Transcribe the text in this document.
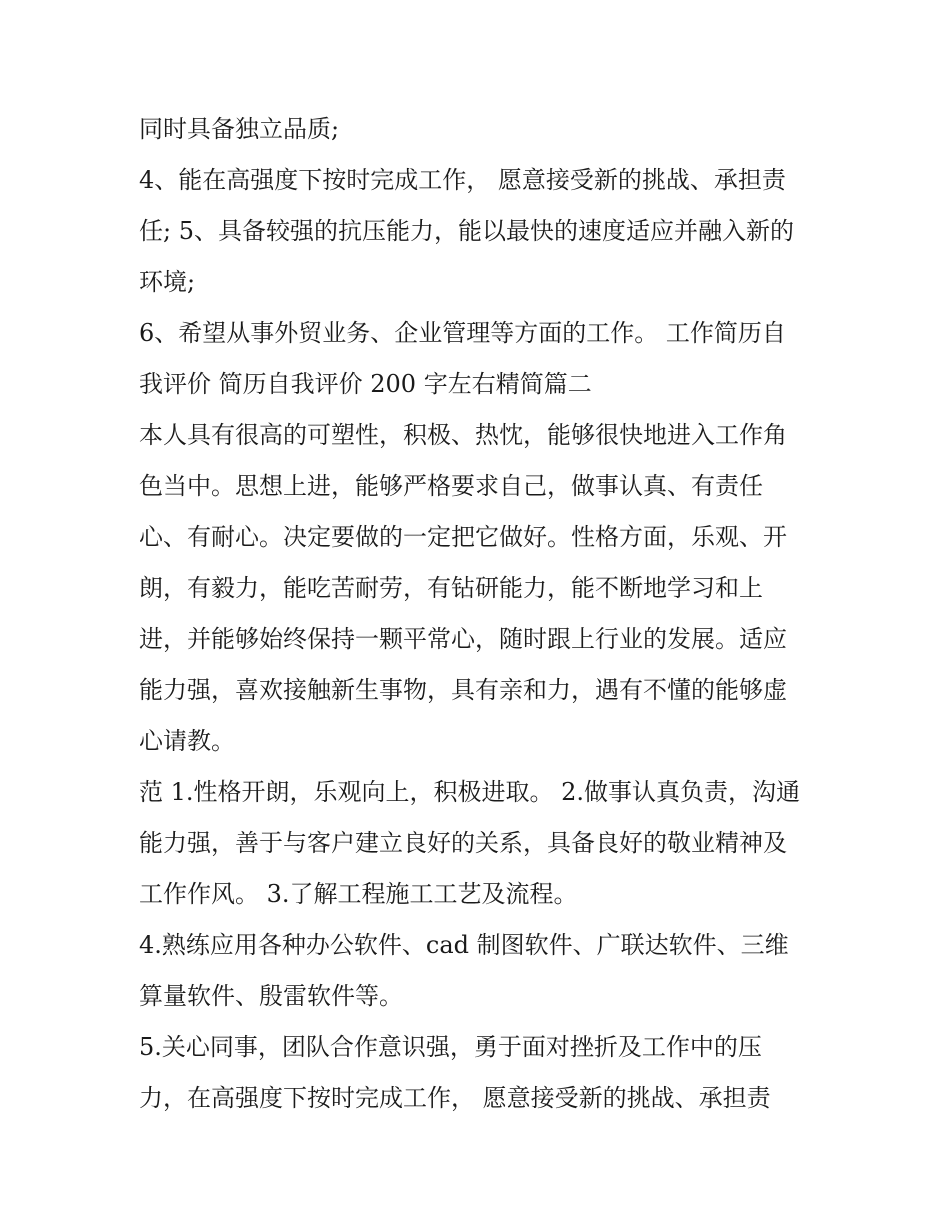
同时具备独立品质;
4、能在高强度下按时完成工作， 愿意接受新的挑战、承担责
任; 5、具备较强的抗压能力，能以最快的速度适应并融入新的
环境;
6、希望从事外贸业务、企业管理等方面的工作。 工作简历自
我评价 简历自我评价 200 字左右精简篇二
本人具有很高的可塑性，积极、热忱，能够很快地进入工作角
色当中。思想上进，能够严格要求自己，做事认真、有责任
心、有耐心。决定要做的一定把它做好。性格方面，乐观、开
朗，有毅力，能吃苦耐劳，有钻研能力，能不断地学习和上
进，并能够始终保持一颗平常心，随时跟上行业的发展。适应
能力强，喜欢接触新生事物，具有亲和力，遇有不懂的能够虚
心请教。
范 1.性格开朗，乐观向上，积极进取。 2.做事认真负责，沟通
能力强，善于与客户建立良好的关系，具备良好的敬业精神及
工作作风。 3.了解工程施工工艺及流程。
4.熟练应用各种办公软件、cad 制图软件、广联达软件、三维
算量软件、殷雷软件等。
5.关心同事，团队合作意识强，勇于面对挫折及工作中的压
力，在高强度下按时完成工作， 愿意接受新的挑战、承担责
